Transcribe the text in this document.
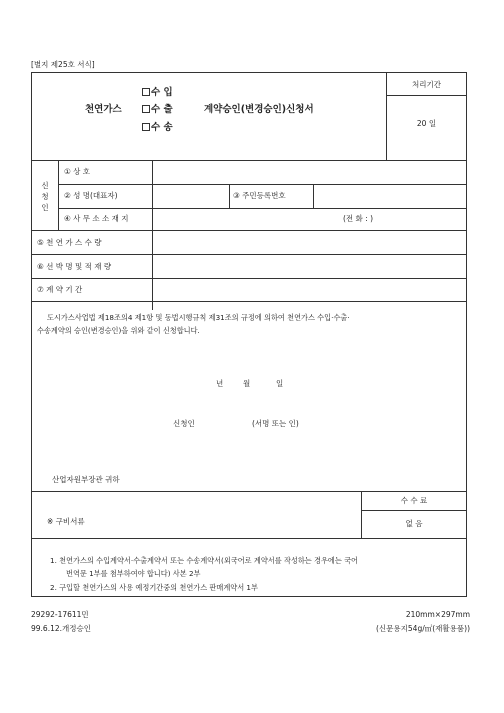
[별지 제25호 서식]
수 입
천연가스	수 출	계약승인(변경승인)신청서
수 송
처리기간
20 일
신
청
인
① 상 호
② 성 명(대표자)	③ 주민등록번호
④ 사 무 소 소 재 지	(전 화 : )
⑤ 천 연 가 스 수 량
⑥ 선 박 명 및 적 재 량
⑦ 계 약 기 간
도시가스사업법 제18조의4 제1항 및 동법시행규칙 제31조의 규정에 의하여 천연가스 수입·수출·
수송계약의 승인(변경승인)을 위와 같이 신청합니다.
년	월	일
신청인	(서명 또는 인)
산업자원부장관 귀하
※ 구비서류
수 수 료
없 음
1. 천연가스의 수입계약서·수출계약서 또는 수송계약서(외국어로 계약서를 작성하는 경우에는 국어
번역문 1부를 첨부하여야 합니다) 사본 2부
2. 구입할 천연가스의 사용 예정기간중의 천연가스 판매계약서 1부
29292-17611민
99.6.12.개정승인
210mm×297mm
(신문용지54g/㎡(재활용품))
